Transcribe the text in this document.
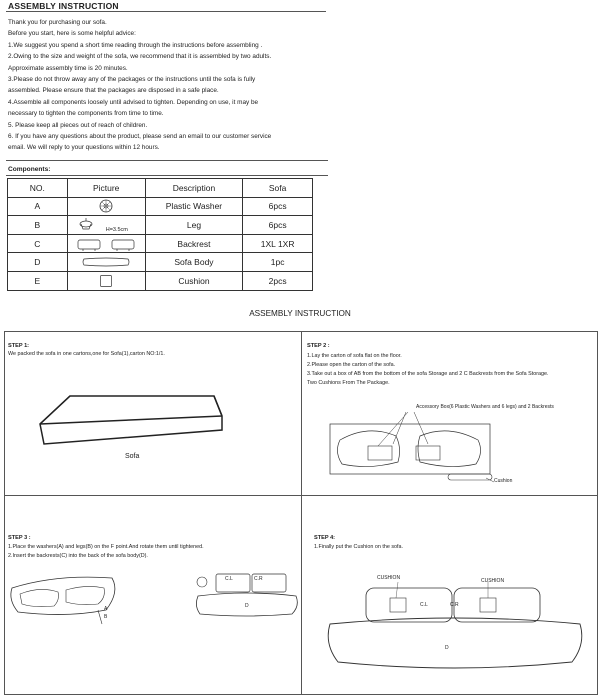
ASSEMBLY INSTRUCTION
Thank you for purchasing our sofa.
Before you start, here is some helpful advice:
1.We suggest you spend a short time reading through the instructions before assembling .
2.Owing to the size and weight of the sofa, we recommend that it is assembled by two adults.
Approximate assembly time is 20 minutes.
3.Please do not throw away any of the packages or the instructions until the sofa is fully
assembled. Please ensure that the packages are disposed in a safe place.
4.Assemble all components loosely until advised to tighten. Depending on use, it may be
necessary to tighten the components from time to time.
5. Please keep all pieces out of reach of children.
6. If you have any questions about the product, please send an email to our customer service
email. We will reply to your questions within 12 hours.
Components:
NO.	Picture	Description	Sofa
A		Plastic Washer	6pcs
B	H=3.5cm	Leg	6pcs
C		Backrest	1XL 1XR
D		Sofa Body	1pc
E		Cushion	2pcs
ASSEMBLY INSTRUCTION
STEP 1:
We packed the sofa in one cartons,one for Sofa(1),carton NO:1/1.
Sofa
STEP 2 :
1.Lay the carton of sofa flat on the floor.
2.Please open the carton of the sofa.
3.Take out a box of AB from the bottom of the sofa Storage and 2 C Backrests from the Sofa Storage.
Two Cushions From The Package.
Accessory Box(6 Plastic Washers and 6 legs) and 2 Backrests
Cushion
STEP 3 :
1.Place the washers(A) and legs(B) on the F point.And rotate them until tightened.
2.Insert the backrests(C) into the back of the sofa body(D).
A
B
C.L	C.R
D
STEP 4:
1.Finally put the Cushion on the sofa.
CUSHION	CUSHION
C.L	C.R
D
